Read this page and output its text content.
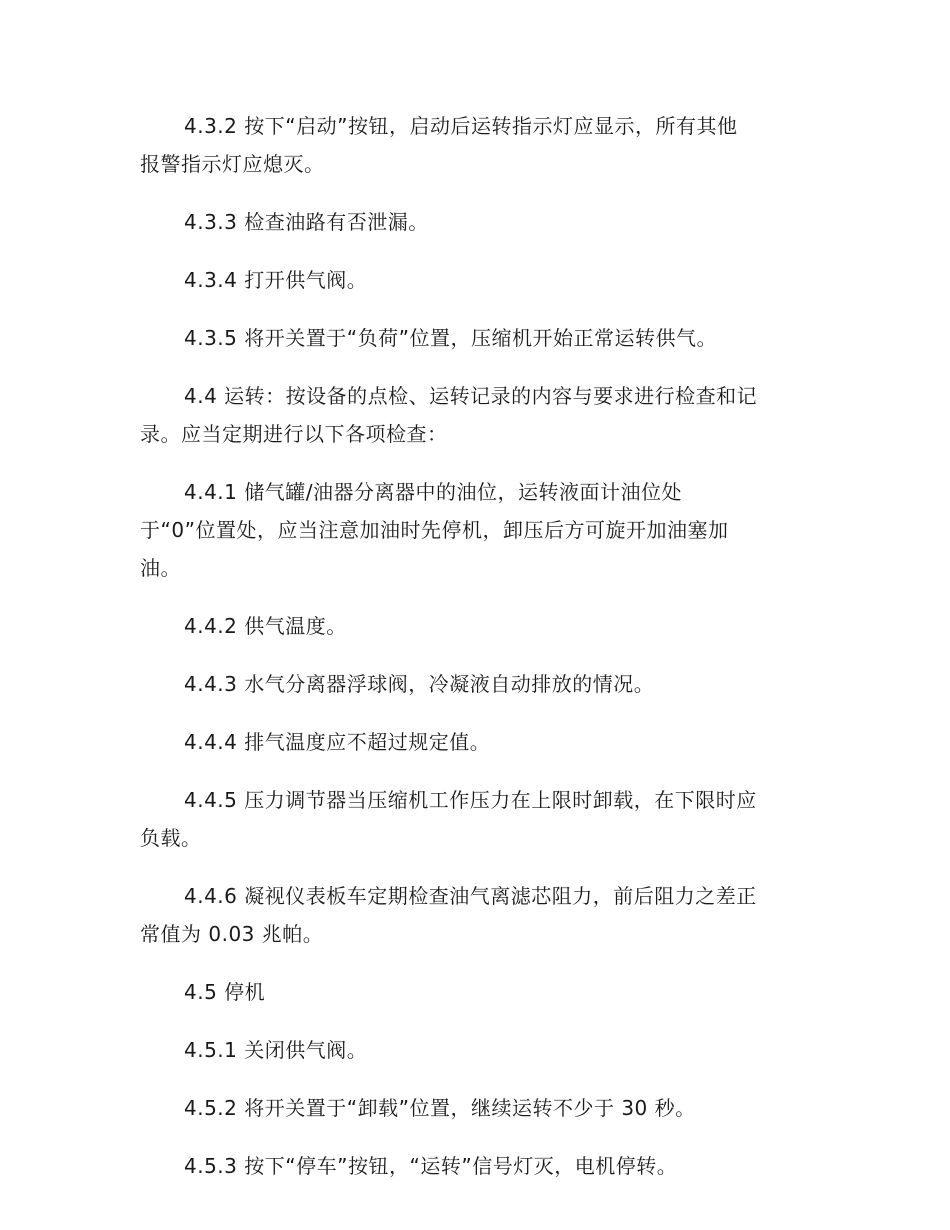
4.3.2 按下“启动”按钮，启动后运转指示灯应显示，所有其他
报警指示灯应熄灭。

4.3.3 检查油路有否泄漏。

4.3.4 打开供气阀。

4.3.5 将开关置于“负荷”位置，压缩机开始正常运转供气。

4.4 运转：按设备的点检、运转记录的内容与要求进行检查和记
录。应当定期进行以下各项检查：

4.4.1 储气罐/油器分离器中的油位，运转液面计油位处
于“0”位置处，应当注意加油时先停机，卸压后方可旋开加油塞加
油。

4.4.2 供气温度。

4.4.3 水气分离器浮球阀，冷凝液自动排放的情况。

4.4.4 排气温度应不超过规定值。

4.4.5 压力调节器当压缩机工作压力在上限时卸载，在下限时应
负载。

4.4.6 凝视仪表板车定期检查油气离滤芯阻力，前后阻力之差正
常值为 0.03 兆帕。

4.5 停机

4.5.1 关闭供气阀。

4.5.2 将开关置于“卸载”位置，继续运转不少于 30 秒。

4.5.3 按下“停车”按钮，“运转”信号灯灭，电机停转。
